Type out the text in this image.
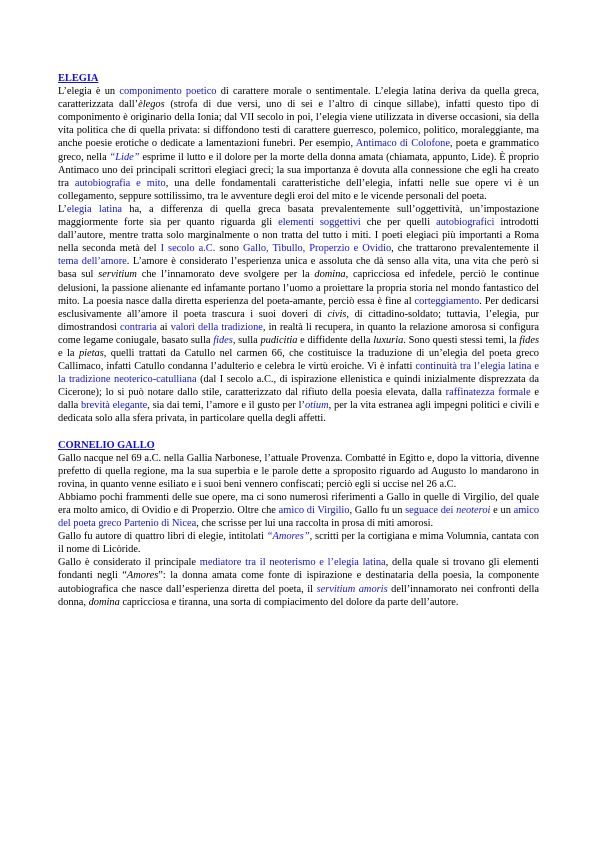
ELEGIA

L’elegia è un componimento poetico di carattere morale o sentimentale. L’elegia latina deriva da quella greca, caratterizzata dall’èlegos (strofa di due versi, uno di sei e l’altro di cinque sillabe), infatti questo tipo di componimento è originario della Ionia; dal VII secolo in poi, l’elegia viene utilizzata in diverse occasioni, sia della vita politica che di quella privata: si diffondono testi di carattere guerresco, polemico, politico, moraleggiante, ma anche poesie erotiche o dedicate a lamentazioni funebri. Per esempio, Antimaco di Colofone, poeta e grammatico greco, nella “Lide” esprime il lutto e il dolore per la morte della donna amata (chiamata, appunto, Lide). È proprio Antimaco uno dei principali scrittori elegiaci greci; la sua importanza è dovuta alla connessione che egli ha creato tra autobiografia e mito, una delle fondamentali caratteristiche dell’elegia, infatti nelle sue opere vi è un collegamento, seppure sottilissimo, tra le avventure degli eroi del mito e le vicende personali del poeta.

L’elegia latina ha, a differenza di quella greca basata prevalentemente sull’oggettività, un’impostazione maggiormente forte sia per quanto riguarda gli elementi soggettivi che per quelli autobiografici introdotti dall’autore, mentre tratta solo marginalmente o non tratta del tutto i miti. I poeti elegiaci più importanti a Roma nella seconda metà del I secolo a.C. sono Gallo, Tibullo, Properzio e Ovidio, che trattarono prevalentemente il tema dell’amore. L’amore è considerato l’esperienza unica e assoluta che dà senso alla vita, una vita che però si basa sul servitium che l’innamorato deve svolgere per la domina, capricciosa ed infedele, perciò le continue delusioni, la passione alienante ed infamante portano l’uomo a proiettare la propria storia nel mondo fantastico del mito. La poesia nasce dalla diretta esperienza del poeta-amante, perciò essa è fine al corteggiamento. Per dedicarsi esclusivamente all’amore il poeta trascura i suoi doveri di civis, di cittadino-soldato; tuttavia, l’elegia, pur dimostrandosi contraria ai valori della tradizione, in realtà li recupera, in quanto la relazione amorosa si configura come legame coniugale, basato sulla fides, sulla pudicitia e diffidente della luxuria. Sono questi stessi temi, la fides e la pietas, quelli trattati da Catullo nel carmen 66, che costituisce la traduzione di un’elegia del poeta greco Callimaco, infatti Catullo condanna l’adulterio e celebra le virtù eroiche. Vi è infatti continuità tra l’elegia latina e la tradizione neoterico-catulliana (dal I secolo a.C., di ispirazione ellenistica e quindi inizialmente disprezzata da Cicerone); lo si può notare dallo stile, caratterizzato dal rifiuto della poesia elevata, dalla raffinatezza formale e dalla brevità elegante, sia dai temi, l’amore e il gusto per l’otium, per la vita estranea agli impegni politici e civili e dedicata solo alla sfera privata, in particolare quella degli affetti.

CORNELIO GALLO

Gallo nacque nel 69 a.C. nella Gallia Narbonese, l’attuale Provenza. Combatté in Egitto e, dopo la vittoria, divenne prefetto di quella regione, ma la sua superbia e le parole dette a sproposito riguardo ad Augusto lo mandarono in rovina, in quanto venne esiliato e i suoi beni vennero confiscati; perciò egli si uccise nel 26 a.C.

Abbiamo pochi frammenti delle sue opere, ma ci sono numerosi riferimenti a Gallo in quelle di Virgilio, del quale era molto amico, di Ovidio e di Properzio. Oltre che amico di Virgilio, Gallo fu un seguace dei neoteroi e un amico del poeta greco Partenio di Nicea, che scrisse per lui una raccolta in prosa di miti amorosi.

Gallo fu autore di quattro libri di elegie, intitolati “Amores”, scritti per la cortigiana e mima Volumnia, cantata con il nome di Licòride.

Gallo è considerato il principale mediatore tra il neoterismo e l’elegia latina, della quale si trovano gli elementi fondanti negli “Amores”: la donna amata come fonte di ispirazione e destinataria della poesia, la componente autobiografica che nasce dall’esperienza diretta del poeta, il servitium amoris dell’innamorato nei confronti della donna, domina capricciosa e tiranna, una sorta di compiacimento del dolore da parte dell’autore.
